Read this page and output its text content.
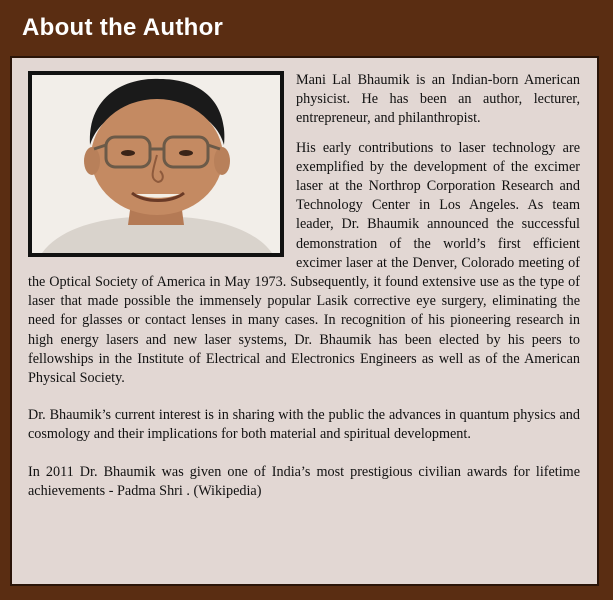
About the Author

Mani Lal Bhaumik is an Indian-born American physicist. He has been an author, lecturer, entrepreneur, and philanthropist.

His early contributions to laser technology are exemplified by the development of the excimer laser at the Northrop Corporation Research and Technology Center in Los Angeles. As team leader, Dr. Bhaumik announced the successful demonstration of the world’s first efficient excimer laser at the Denver, Colorado meeting of the Optical Society of America in May 1973. Subsequently, it found extensive use as the type of laser that made possible the immensely popular Lasik corrective eye surgery, eliminating the need for glasses or contact lenses in many cases. In recognition of his pioneering research in high energy lasers and new laser systems, Dr. Bhaumik has been elected by his peers to fellowships in the Institute of Electrical and Electronics Engineers as well as of the American Physical Society.

Dr. Bhaumik’s current interest is in sharing with the public the advances in quantum physics and cosmology and their implications for both material and spiritual development.

In 2011 Dr. Bhaumik was given one of India’s most prestigious civilian awards for lifetime achievements - Padma Shri . (Wikipedia)
